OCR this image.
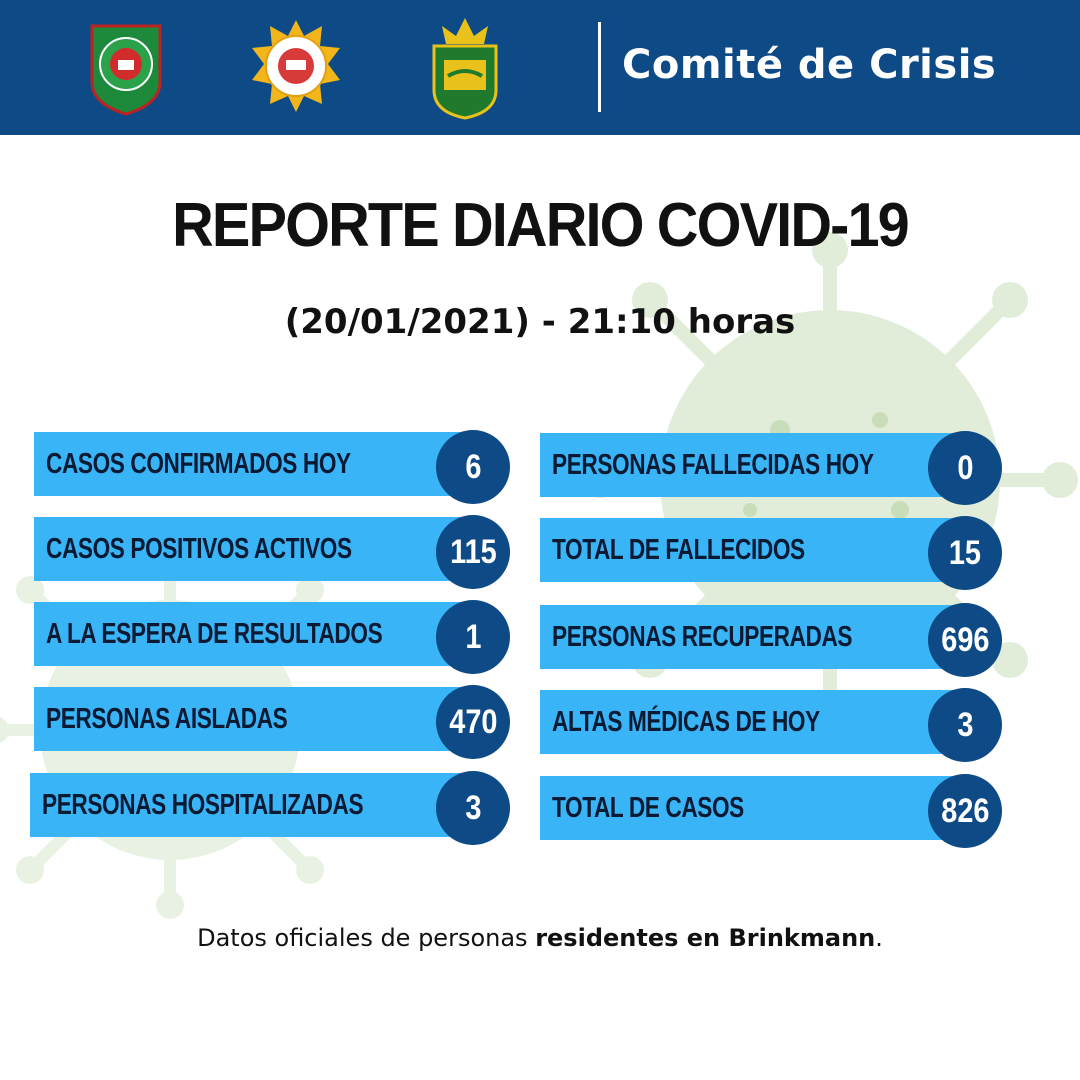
Comité de Crisis
REPORTE DIARIO COVID-19
(20/01/2021) - 21:10 horas
CASOS CONFIRMADOS HOY	6
CASOS POSITIVOS ACTIVOS	115
A LA ESPERA DE RESULTADOS	1
PERSONAS AISLADAS	470
PERSONAS HOSPITALIZADAS	3
PERSONAS FALLECIDAS HOY	0
TOTAL DE FALLECIDOS	15
PERSONAS RECUPERADAS	696
ALTAS MÉDICAS DE HOY	3
TOTAL DE CASOS	826
Datos oficiales de personas residentes en Brinkmann.
